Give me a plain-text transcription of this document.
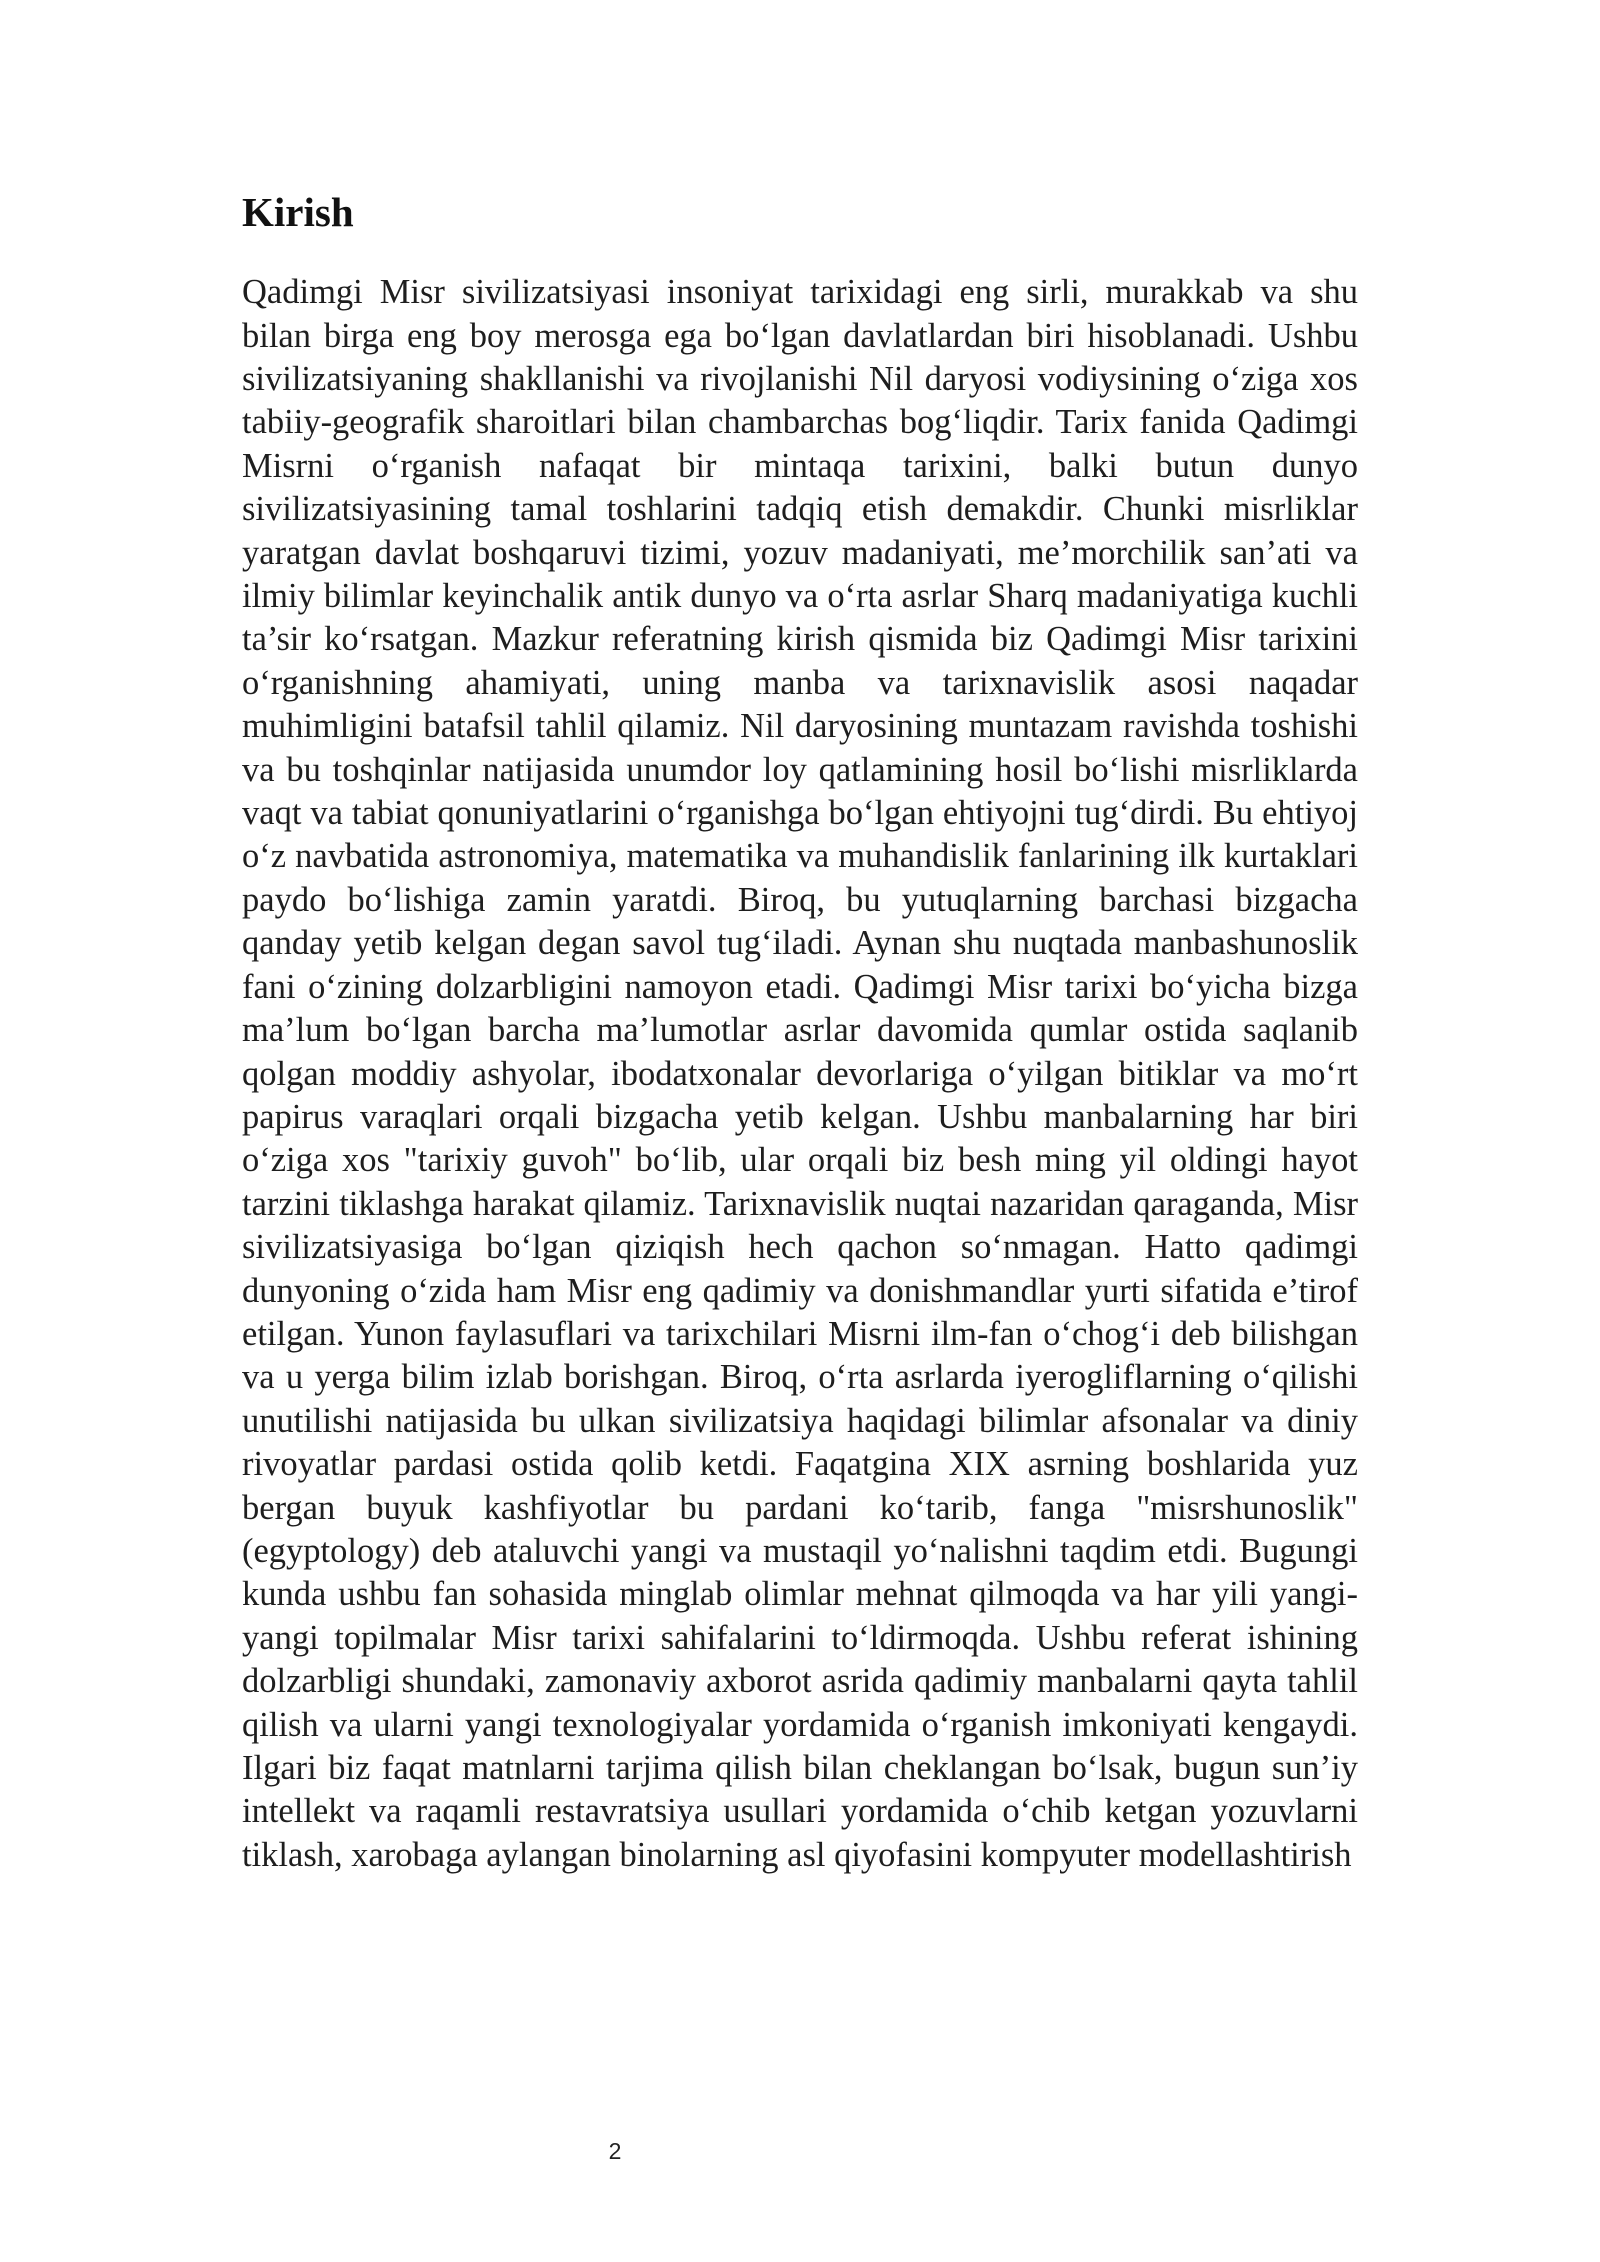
Kirish

Qadimgi Misr sivilizatsiyasi insoniyat tarixidagi eng sirli, murakkab va shu bilan birga eng boy merosga ega bo‘lgan davlatlardan biri hisoblanadi. Ushbu sivilizatsiyaning shakllanishi va rivojlanishi Nil daryosi vodiysining o‘ziga xos tabiiy-geografik sharoitlari bilan chambarchas bog‘liqdir. Tarix fanida Qadimgi Misrni o‘rganish nafaqat bir mintaqa tarixini, balki butun dunyo sivilizatsiyasining tamal toshlarini tadqiq etish demakdir. Chunki misrliklar yaratgan davlat boshqaruvi tizimi, yozuv madaniyati, me’morchilik san’ati va ilmiy bilimlar keyinchalik antik dunyo va o‘rta asrlar Sharq madaniyatiga kuchli ta’sir ko‘rsatgan. Mazkur referatning kirish qismida biz Qadimgi Misr tarixini o‘rganishning ahamiyati, uning manba va tarixnavislik asosi naqadar muhimligini batafsil tahlil qilamiz. Nil daryosining muntazam ravishda toshishi va bu toshqinlar natijasida unumdor loy qatlamining hosil bo‘lishi misrliklarda vaqt va tabiat qonuniyatlarini o‘rganishga bo‘lgan ehtiyojni tug‘dirdi. Bu ehtiyoj o‘z navbatida astronomiya, matematika va muhandislik fanlarining ilk kurtaklari paydo bo‘lishiga zamin yaratdi. Biroq, bu yutuqlarning barchasi bizgacha qanday yetib kelgan degan savol tug‘iladi. Aynan shu nuqtada manbashunoslik fani o‘zining dolzarbligini namoyon etadi. Qadimgi Misr tarixi bo‘yicha bizga ma’lum bo‘lgan barcha ma’lumotlar asrlar davomida qumlar ostida saqlanib qolgan moddiy ashyolar, ibodatxonalar devorlariga o‘yilgan bitiklar va mo‘rt papirus varaqlari orqali bizgacha yetib kelgan. Ushbu manbalarning har biri o‘ziga xos "tarixiy guvoh" bo‘lib, ular orqali biz besh ming yil oldingi hayot tarzini tiklashga harakat qilamiz. Tarixnavislik nuqtai nazaridan qaraganda, Misr sivilizatsiyasiga bo‘lgan qiziqish hech qachon so‘nmagan. Hatto qadimgi dunyoning o‘zida ham Misr eng qadimiy va donishmandlar yurti sifatida e’tirof etilgan. Yunon faylasuflari va tarixchilari Misrni ilm-fan o‘chog‘i deb bilishgan va u yerga bilim izlab borishgan. Biroq, o‘rta asrlarda iyerogliflarning o‘qilishi unutilishi natijasida bu ulkan sivilizatsiya haqidagi bilimlar afsonalar va diniy rivoyatlar pardasi ostida qolib ketdi. Faqatgina XIX asrning boshlarida yuz bergan buyuk kashfiyotlar bu pardani ko‘tarib, fanga "misrshunoslik" (egyptology) deb ataluvchi yangi va mustaqil yo‘nalishni taqdim etdi. Bugungi kunda ushbu fan sohasida minglab olimlar mehnat qilmoqda va har yili yangi-yangi topilmalar Misr tarixi sahifalarini to‘ldirmoqda. Ushbu referat ishining dolzarbligi shundaki, zamonaviy axborot asrida qadimiy manbalarni qayta tahlil qilish va ularni yangi texnologiyalar yordamida o‘rganish imkoniyati kengaydi. Ilgari biz faqat matnlarni tarjima qilish bilan cheklangan bo‘lsak, bugun sun’iy intellekt va raqamli restavratsiya usullari yordamida o‘chib ketgan yozuvlarni tiklash, xarobaga aylangan binolarning asl qiyofasini kompyuter modellashtirish

2
